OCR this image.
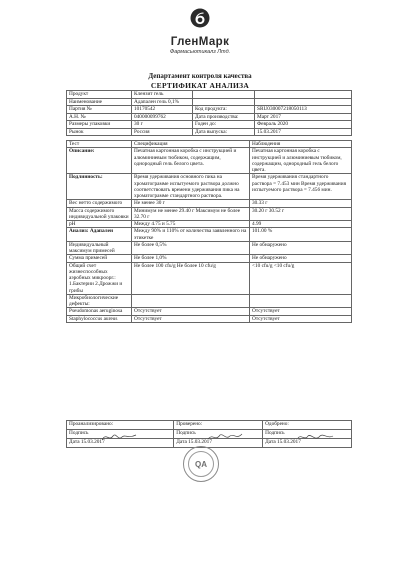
ГленМарк
Фармасьютикалз Лтд.
Департамент контроля качества
СЕРТИФИКАТ АНАЛИЗА
Продукт	Клензит гель		
Наименование	Адапален гель 0,1%		
Партия №	10170542	Код продукта:	SRU03000721805011З
А.Н. №	040000099762	Дата производства:	Март 2017
Размеры упаковки	30 г	Годен до:	Февраль 2020
Рынок	Россия	Дата выпуска:	15.03.2017
Тест	Спецификация	Наблюдения
Описание:	Печатная картонная коробка с инструкцией и алюминиевым тюбиком, содержащим, однородный гель белого цвета.	Печатная картонная коробка с инструкцией и алюминиевым тюбиком, содержащим, однородный гель белого цвета.
Подлинность:	Время удерживания основного пика на хроматограмме испытуемого раствора должно соответствовать времени удерживания пика на хроматограмме стандартного раствора.	Время удерживания стандартного раствора = 7.453 мин Время удерживания испытуемого раствора = 7.456 мин.
Вес нетто содержимого	Не менее 30 г	30.33 г
Масса содержимого индивидуальной упаковки	Минимум не менее 29.40 г Максимум не более 32.70 г	30.20 г 30.52 г
pH	Между 4.75 и 5.75	4.99
Анализ: Адапален	Между 90% и 110% от количества заявленного на этикетке	101.00 %
Индивидуальный максимум примесей	Не более 0,5%	Не обнаружено
Сумма примесей	Не более 1,0%	Не обнаружено
Общий счет жизнеспособных аэробных микроорг.: 1.Бактерии 2.Дрожжи и грибы	Не более 100 cfu/g Не более 10 cfu/g	<10 cfu/g <10 cfu/g
Микробиологические дефекты:		
Pseudomonas aeruginosa	Отсутствует	Отсутствует
Staphylococcus aureus	Отсутствует	Отсутствует
Проанализировано:	Проверено:	Одобрено:
Подпись	Подпись	Подпись
Дата 15.03.2017	Дата 15.03.2017	Дата 15.03.2017
QA
